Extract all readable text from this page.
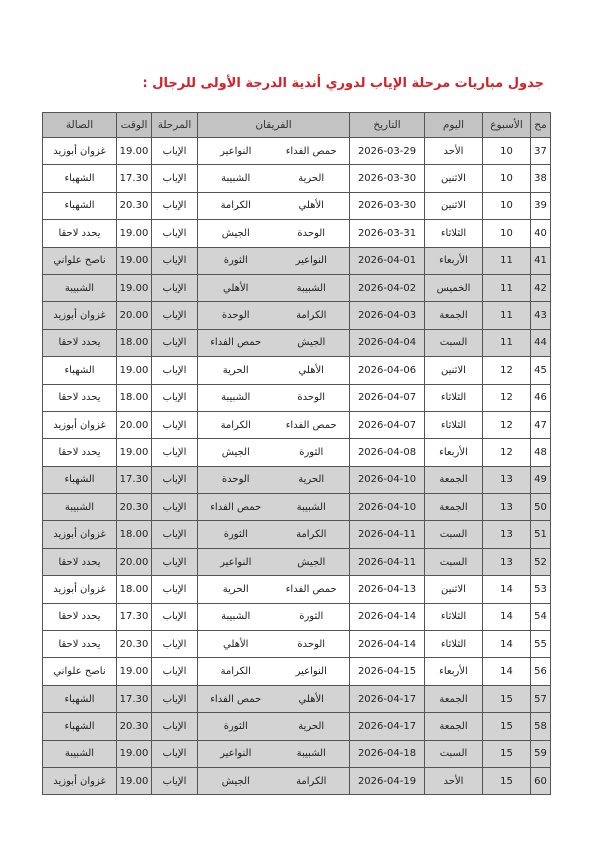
جدول مباريات مرحلة الإياب لدوري أندية الدرجة الأولى للرجال :
مح	الأسبوع	اليوم	التاريخ	الفريقان		المرحلة	الوقت	الصالة
37	10	الأحد	2026-03-29	حمص الفداء	النواعير	الإياب	19.00	غزوان أبوزيد
38	10	الاثنين	2026-03-30	الحرية	الشبيبة	الإياب	17.30	الشهباء
39	10	الاثنين	2026-03-30	الأهلي	الكرامة	الإياب	20.30	الشهباء
40	10	الثلاثاء	2026-03-31	الوحدة	الجيش	الإياب	19.00	يحدد لاحقا
41	11	الأربعاء	2026-04-01	النواعير	الثورة	الإياب	19.00	ناصح علواني
42	11	الخميس	2026-04-02	الشبيبة	الأهلي	الإياب	19.00	الشبيبة
43	11	الجمعة	2026-04-03	الكرامة	الوحدة	الإياب	20.00	غزوان أبوزيد
44	11	السبت	2026-04-04	الجيش	حمص الفداء	الإياب	18.00	يحدد لاحقا
45	12	الاثنين	2026-04-06	الأهلي	الحرية	الإياب	19.00	الشهباء
46	12	الثلاثاء	2026-04-07	الوحدة	الشبيبة	الإياب	18.00	يحدد لاحقا
47	12	الثلاثاء	2026-04-07	حمص الفداء	الكرامة	الإياب	20.00	غزوان أبوزيد
48	12	الأربعاء	2026-04-08	الثورة	الجيش	الإياب	19.00	يحدد لاحقا
49	13	الجمعة	2026-04-10	الحرية	الوحدة	الإياب	17.30	الشهباء
50	13	الجمعة	2026-04-10	الشبيبة	حمص الفداء	الإياب	20.30	الشبيبة
51	13	السبت	2026-04-11	الكرامة	الثورة	الإياب	18.00	غزوان أبوزيد
52	13	السبت	2026-04-11	الجيش	النواعير	الإياب	20.00	يحدد لاحقا
53	14	الاثنين	2026-04-13	حمص الفداء	الحرية	الإياب	18.00	غزوان أبوزيد
54	14	الثلاثاء	2026-04-14	الثورة	الشبيبة	الإياب	17.30	يحدد لاحقا
55	14	الثلاثاء	2026-04-14	الوحدة	الأهلي	الإياب	20.30	يحدد لاحقا
56	14	الأربعاء	2026-04-15	النواعير	الكرامة	الإياب	19.00	ناصح علواني
57	15	الجمعة	2026-04-17	الأهلي	حمص الفداء	الإياب	17.30	الشهباء
58	15	الجمعة	2026-04-17	الحرية	الثورة	الإياب	20.30	الشهباء
59	15	السبت	2026-04-18	الشبيبة	النواعير	الإياب	19.00	الشبيبة
60	15	الأحد	2026-04-19	الكرامة	الجيش	الإياب	19.00	غزوان أبوزيد
